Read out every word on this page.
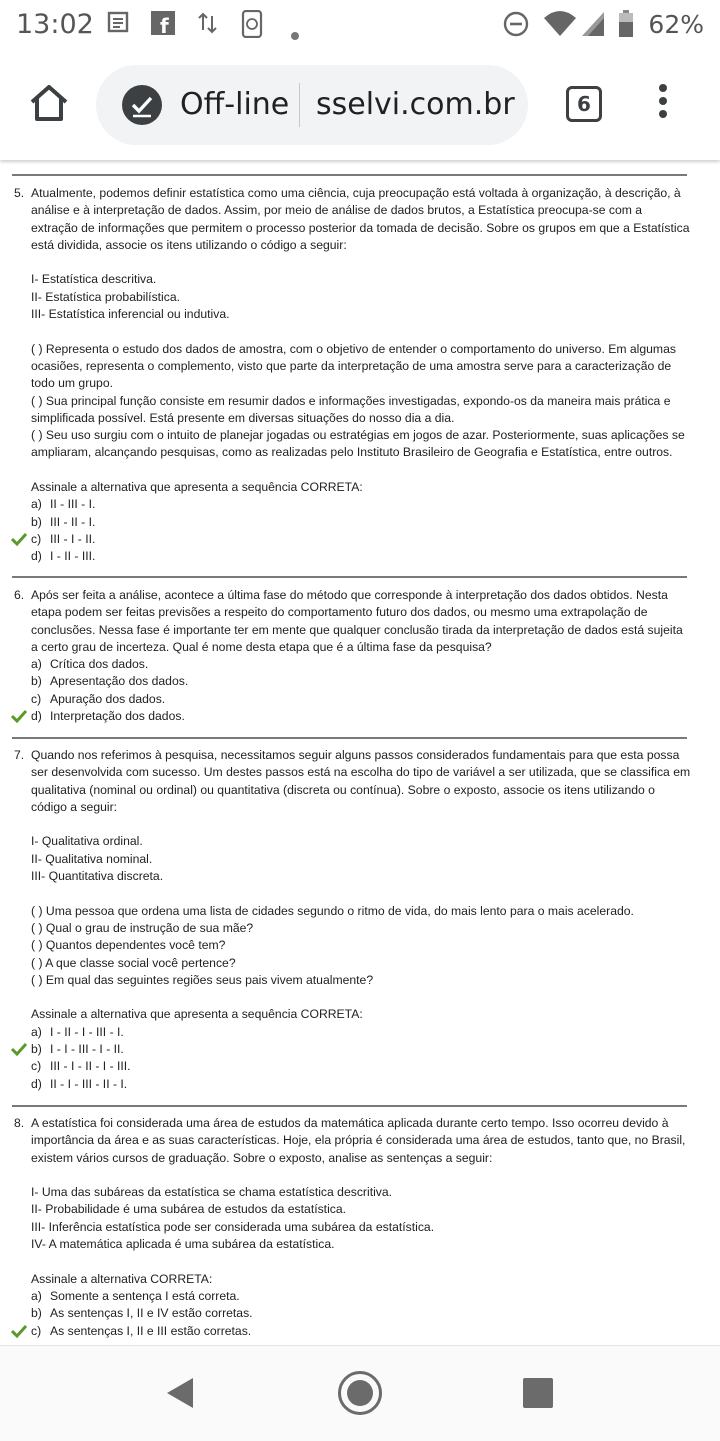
13:02	f	62%
Off-line sselvi.com.br	6
5. Atualmente, podemos definir estatística como uma ciência, cuja preocupação está voltada à organização, à descrição, à análise e à interpretação de dados. Assim, por meio de análise de dados brutos, a Estatística preocupa-se com a extração de informações que permitem o processo posterior da tomada de decisão. Sobre os grupos em que a Estatística está dividida, associe os itens utilizando o código a seguir:

I- Estatística descritiva.

II- Estatística probabilística.

III- Estatística inferencial ou indutiva.

( ) Representa o estudo dos dados de amostra, com o objetivo de entender o comportamento do universo. Em algumas ocasiões, representa o complemento, visto que parte da interpretação de uma amostra serve para a caracterização de todo um grupo.

( ) Sua principal função consiste em resumir dados e informações investigadas, expondo-os da maneira mais prática e simplificada possível. Está presente em diversas situações do nosso dia a dia.

( ) Seu uso surgiu com o intuito de planejar jogadas ou estratégias em jogos de azar. Posteriormente, suas aplicações se ampliaram, alcançando pesquisas, como as realizadas pelo Instituto Brasileiro de Geografia e Estatística, entre outros.

Assinale a alternativa que apresenta a sequência CORRETA:

a) II - III - I.
b) III - II - I.
c) III - I - II.
d) I - II - III.
6. Após ser feita a análise, acontece a última fase do método que corresponde à interpretação dos dados obtidos. Nesta etapa podem ser feitas previsões a respeito do comportamento futuro dos dados, ou mesmo uma extrapolação de conclusões. Nessa fase é importante ter em mente que qualquer conclusão tirada da interpretação de dados está sujeita a certo grau de incerteza. Qual é nome desta etapa que é a última fase da pesquisa?

a) Crítica dos dados.
b) Apresentação dos dados.
c) Apuração dos dados.
d) Interpretação dos dados.
7. Quando nos referimos à pesquisa, necessitamos seguir alguns passos considerados fundamentais para que esta possa ser desenvolvida com sucesso. Um destes passos está na escolha do tipo de variável a ser utilizada, que se classifica em qualitativa (nominal ou ordinal) ou quantitativa (discreta ou contínua). Sobre o exposto, associe os itens utilizando o código a seguir:

I- Qualitativa ordinal.

II- Qualitativa nominal.

III- Quantitativa discreta.

( ) Uma pessoa que ordena uma lista de cidades segundo o ritmo de vida, do mais lento para o mais acelerado.

( ) Qual o grau de instrução de sua mãe?

( ) Quantos dependentes você tem?

( ) A que classe social você pertence?

( ) Em qual das seguintes regiões seus pais vivem atualmente?

Assinale a alternativa que apresenta a sequência CORRETA:

a) I - II - I - III - I.
b) I - I - III - I - II.
c) III - I - II - I - III.
d) II - I - III - II - I.
8. A estatística foi considerada uma área de estudos da matemática aplicada durante certo tempo. Isso ocorreu devido à importância da área e as suas características. Hoje, ela própria é considerada uma área de estudos, tanto que, no Brasil, existem vários cursos de graduação. Sobre o exposto, analise as sentenças a seguir:

I- Uma das subáreas da estatística se chama estatística descritiva.

II- Probabilidade é uma subárea de estudos da estatística.

III- Inferência estatística pode ser considerada uma subárea da estatística.

IV- A matemática aplicada é uma subárea da estatística.

Assinale a alternativa CORRETA:

a) Somente a sentença I está correta.
b) As sentenças I, II e IV estão corretas.
c) As sentenças I, II e III estão corretas.
